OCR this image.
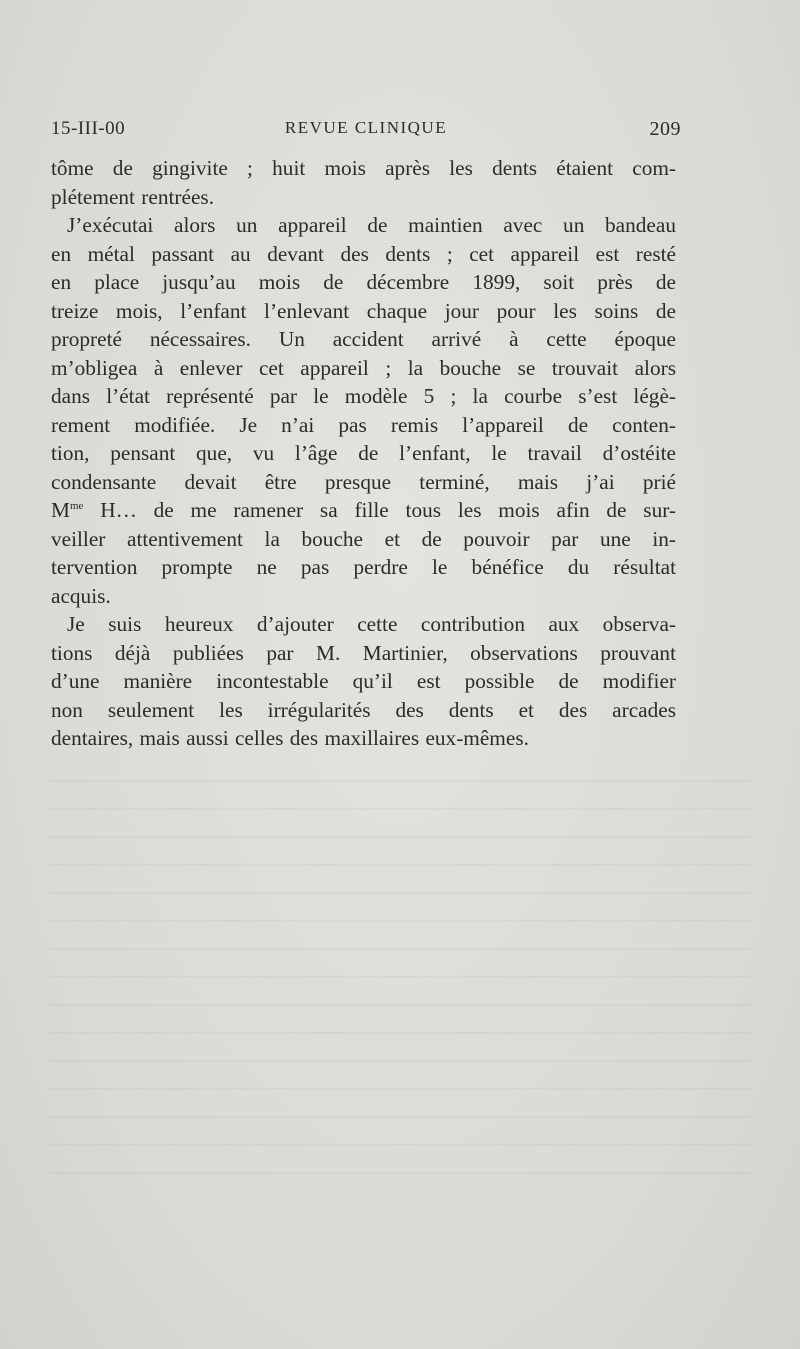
15-III-00	REVUE CLINIQUE	209
tôme de gingivite ; huit mois après les dents étaient com-
plétement rentrées.
J’exécutai alors un appareil de maintien avec un bandeau
en métal passant au devant des dents ; cet appareil est resté
en place jusqu’au mois de décembre 1899, soit près de
treize mois, l’enfant l’enlevant chaque jour pour les soins de
propreté nécessaires. Un accident arrivé à cette époque
m’obligea à enlever cet appareil ; la bouche se trouvait alors
dans l’état représenté par le modèle 5 ; la courbe s’est légè-
rement modifiée. Je n’ai pas remis l’appareil de conten-
tion, pensant que, vu l’âge de l’enfant, le travail d’ostéite
condensante devait être presque terminé, mais j’ai prié
$M^{me}$ H… de me ramener sa fille tous les mois afin de sur-
veiller attentivement la bouche et de pouvoir par une in-
tervention prompte ne pas perdre le bénéfice du résultat
acquis.
Je suis heureux d’ajouter cette contribution aux observa-
tions déjà publiées par M. Martinier, observations prouvant
d’une manière incontestable qu’il est possible de modifier
non seulement les irrégularités des dents et des arcades
dentaires, mais aussi celles des maxillaires eux-mêmes.
